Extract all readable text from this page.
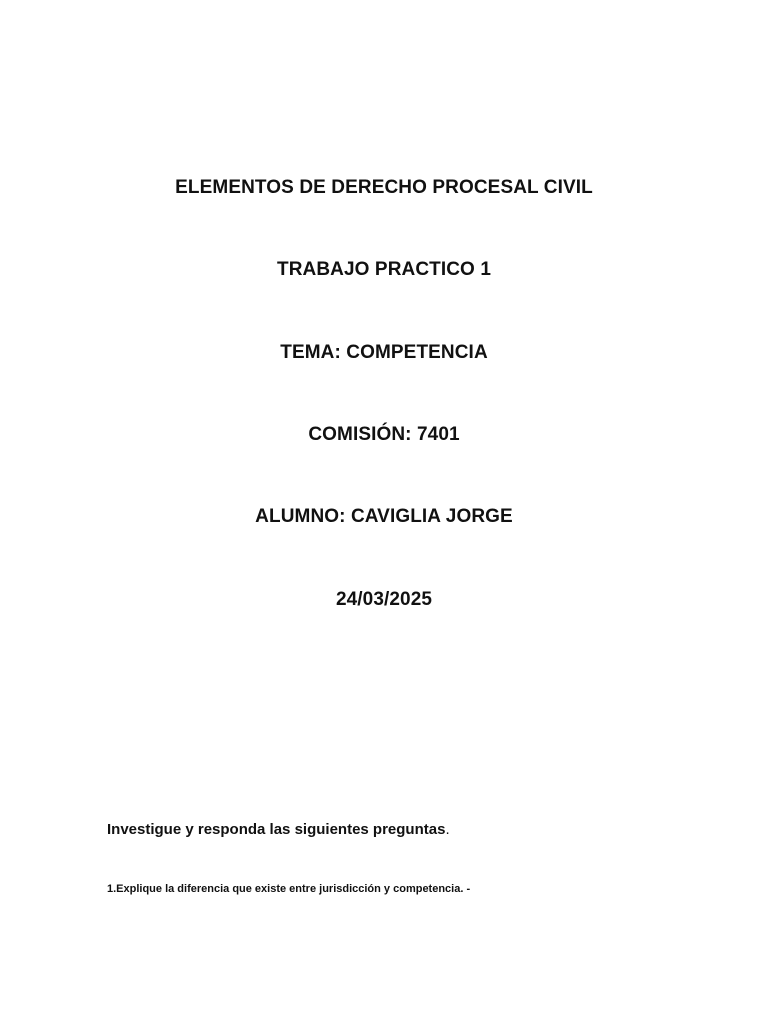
ELEMENTOS DE DERECHO PROCESAL CIVIL

TRABAJO PRACTICO 1

TEMA: COMPETENCIA

COMISIÓN: 7401

ALUMNO: CAVIGLIA JORGE

24/03/2025

Investigue y responda las siguientes preguntas.

1.Explique la diferencia que existe entre jurisdicción y competencia. -
